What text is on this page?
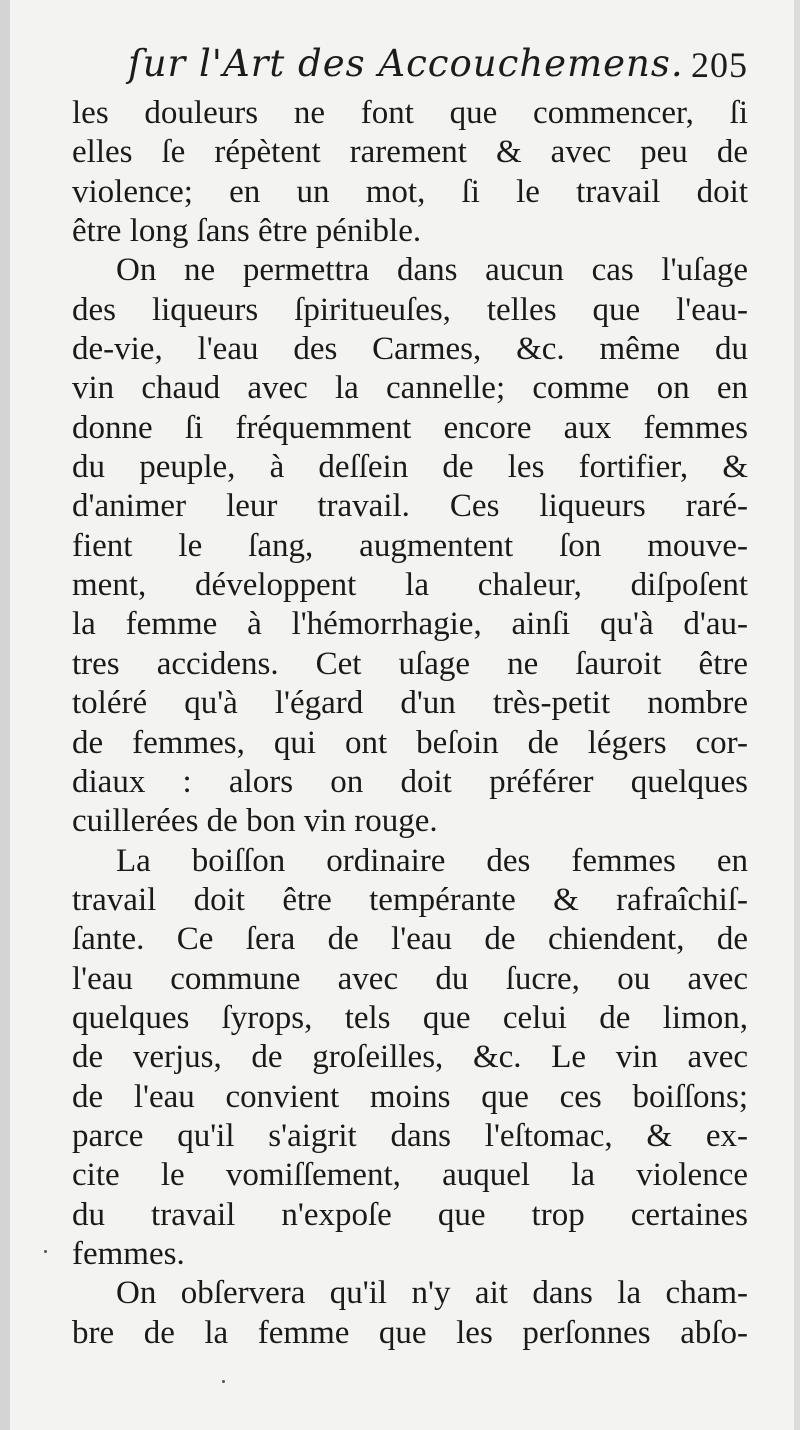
ſur l'Art des Accouchemens. 205
les douleurs ne font que commencer, ſi
elles ſe répètent rarement & avec peu de
violence; en un mot, ſi le travail doit
être long ſans être pénible.
On ne permettra dans aucun cas l'uſage
des liqueurs ſpiritueuſes, telles que l'eau-
de-vie, l'eau des Carmes, &c. même du
vin chaud avec la cannelle; comme on en
donne ſi fréquemment encore aux femmes
du peuple, à deſſein de les fortifier, &
d'animer leur travail. Ces liqueurs raré-
fient le ſang, augmentent ſon mouve-
ment, développent la chaleur, diſpoſent
la femme à l'hémorrhagie, ainſi qu'à d'au-
tres accidens. Cet uſage ne ſauroit être
toléré qu'à l'égard d'un très-petit nombre
de femmes, qui ont beſoin de légers cor-
diaux : alors on doit préférer quelques
cuillerées de bon vin rouge.
La boiſſon ordinaire des femmes en
travail doit être tempérante & rafraîchiſ-
ſante. Ce ſera de l'eau de chiendent, de
l'eau commune avec du ſucre, ou avec
quelques ſyrops, tels que celui de limon,
de verjus, de groſeilles, &c. Le vin avec
de l'eau convient moins que ces boiſſons;
parce qu'il s'aigrit dans l'eſtomac, & ex-
cite le vomiſſement, auquel la violence
du travail n'expoſe que trop certaines
femmes.
On obſervera qu'il n'y ait dans la cham-
bre de la femme que les perſonnes abſo-
